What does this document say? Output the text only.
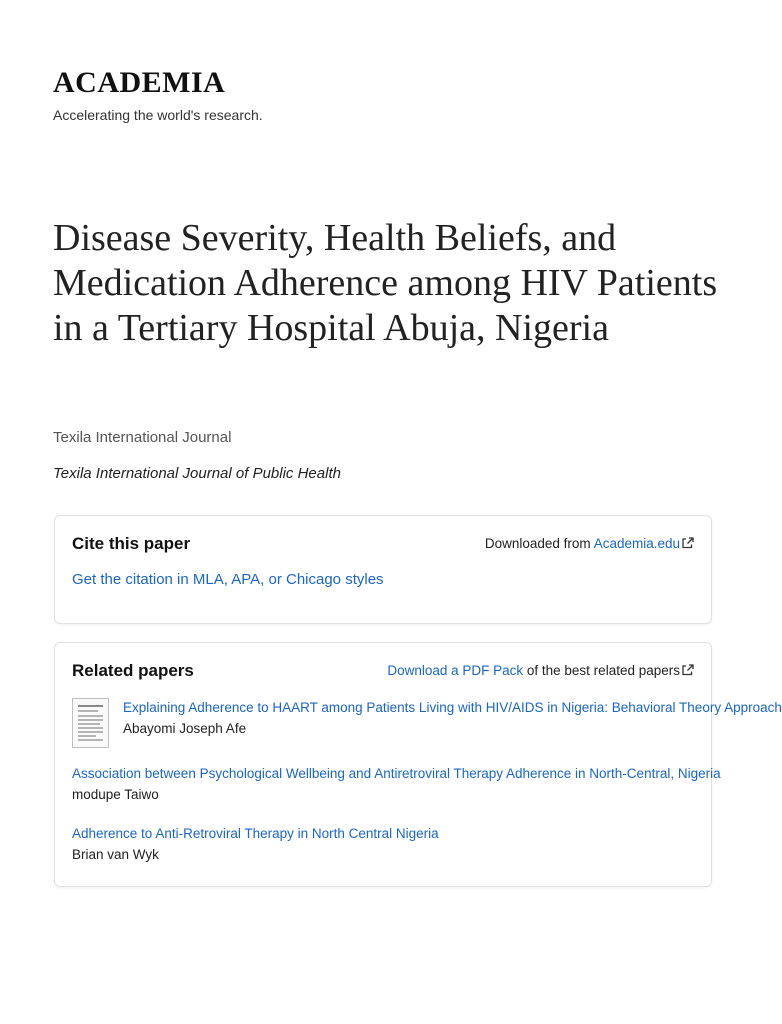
ACADEMIA
Accelerating the world's research.
Disease Severity, Health Beliefs, and Medication Adherence among HIV Patients in a Tertiary Hospital Abuja, Nigeria
Texila International Journal
Texila International Journal of Public Health
Cite this paper	Downloaded from Academia.edu
Get the citation in MLA, APA, or Chicago styles
Related papers	Download a PDF Pack of the best related papers
Explaining Adherence to HAART among Patients Living with HIV/AIDS in Nigeria: Behavioral Theory Approach
Abayomi Joseph Afe
Association between Psychological Wellbeing and Antiretroviral Therapy Adherence in North-Central, Nigeria
modupe Taiwo
Adherence to Anti-Retroviral Therapy in North Central Nigeria
Brian van Wyk
